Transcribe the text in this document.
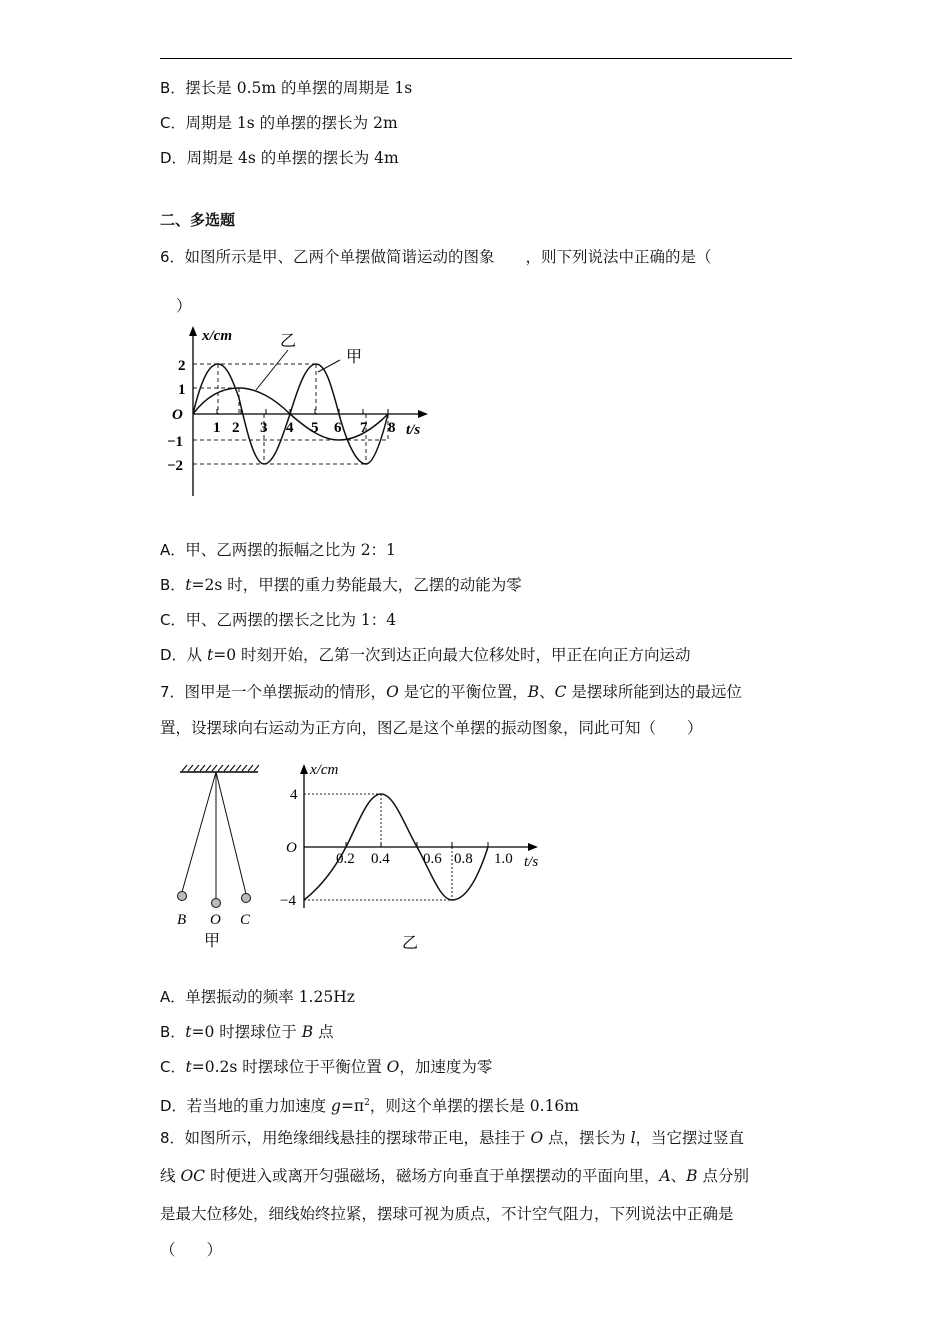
B．摆长是 0.5m 的单摆的周期是 1s
C．周期是 1s 的单摆的摆长为 2m
D．周期是 4s 的单摆的摆长为 4m
二、多选题
6．如图所示是甲、乙两个单摆做简谐运动的图象　　，则下列说法中正确的是（
）
x/cm
t/s
O
2
1
−1
−2
1 2 3 4 5 6 7 8
乙
甲
A．甲、乙两摆的振幅之比为 2：1
B．t=2s 时，甲摆的重力势能最大，乙摆的动能为零
C．甲、乙两摆的摆长之比为 1：4
D．从 t=0 时刻开始，乙第一次到达正向最大位移处时，甲正在向正方向运动
7．图甲是一个单摆振动的情形，O 是它的平衡位置，B、C 是摆球所能到达的最远位
置，设摆球向右运动为正方向，图乙是这个单摆的振动图象，同此可知（　　）
B O C
甲
x/cm
t/s
O
4
−4
0.2 0.4 0.6 0.8 1.0
乙
A．单摆振动的频率 1.25Hz
B．t=0 时摆球位于 B 点
C．t=0.2s 时摆球位于平衡位置 O，加速度为零
D．若当地的重力加速度 $g=\pi^2$，则这个单摆的摆长是 0.16m
8．如图所示，用绝缘细线悬挂的摆球带正电，悬挂于 O 点，摆长为 l，当它摆过竖直
线 OC 时便进入或离开匀强磁场，磁场方向垂直于单摆摆动的平面向里，A、B 点分别
是最大位移处，细线始终拉紧，摆球可视为质点，不计空气阻力，下列说法中正确是
（　　）
